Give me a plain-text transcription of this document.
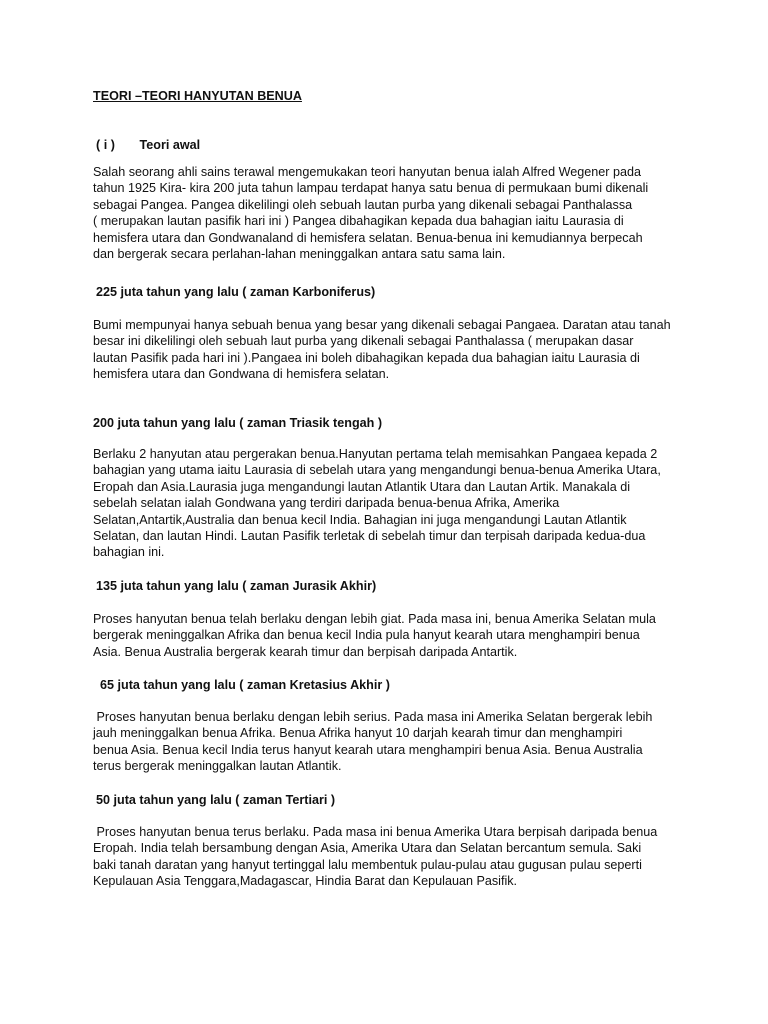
TEORI –TEORI HANYUTAN BENUA
( i ) Teori awal
Salah seorang ahli sains terawal mengemukakan teori hanyutan benua ialah Alfred Wegener pada
tahun 1925 Kira- kira 200 juta tahun lampau terdapat hanya satu benua di permukaan bumi dikenali
sebagai Pangea. Pangea dikelilingi oleh sebuah lautan purba yang dikenali sebagai Panthalassa
( merupakan lautan pasifik hari ini ) Pangea dibahagikan kepada dua bahagian iaitu Laurasia di
hemisfera utara dan Gondwanaland di hemisfera selatan. Benua-benua ini kemudiannya berpecah
dan bergerak secara perlahan-lahan meninggalkan antara satu sama lain.
225 juta tahun yang lalu ( zaman Karboniferus)
Bumi mempunyai hanya sebuah benua yang besar yang dikenali sebagai Pangaea. Daratan atau tanah
besar ini dikelilingi oleh sebuah laut purba yang dikenali sebagai Panthalassa ( merupakan dasar
lautan Pasifik pada hari ini ).Pangaea ini boleh dibahagikan kepada dua bahagian iaitu Laurasia di
hemisfera utara dan Gondwana di hemisfera selatan.
200 juta tahun yang lalu ( zaman Triasik tengah )
Berlaku 2 hanyutan atau pergerakan benua.Hanyutan pertama telah memisahkan Pangaea kepada 2
bahagian yang utama iaitu Laurasia di sebelah utara yang mengandungi benua-benua Amerika Utara,
Eropah dan Asia.Laurasia juga mengandungi lautan Atlantik Utara dan Lautan Artik. Manakala di
sebelah selatan ialah Gondwana yang terdiri daripada benua-benua Afrika, Amerika
Selatan,Antartik,Australia dan benua kecil India. Bahagian ini juga mengandungi Lautan Atlantik
Selatan, dan lautan Hindi. Lautan Pasifik terletak di sebelah timur dan terpisah daripada kedua-dua
bahagian ini.
135 juta tahun yang lalu ( zaman Jurasik Akhir)
Proses hanyutan benua telah berlaku dengan lebih giat. Pada masa ini, benua Amerika Selatan mula
bergerak meninggalkan Afrika dan benua kecil India pula hanyut kearah utara menghampiri benua
Asia. Benua Australia bergerak kearah timur dan berpisah daripada Antartik.
65 juta tahun yang lalu ( zaman Kretasius Akhir )
Proses hanyutan benua berlaku dengan lebih serius. Pada masa ini Amerika Selatan bergerak lebih
jauh meninggalkan benua Afrika. Benua Afrika hanyut 10 darjah kearah timur dan menghampiri
benua Asia. Benua kecil India terus hanyut kearah utara menghampiri benua Asia. Benua Australia
terus bergerak meninggalkan lautan Atlantik.
50 juta tahun yang lalu ( zaman Tertiari )
Proses hanyutan benua terus berlaku. Pada masa ini benua Amerika Utara berpisah daripada benua
Eropah. India telah bersambung dengan Asia, Amerika Utara dan Selatan bercantum semula. Saki
baki tanah daratan yang hanyut tertinggal lalu membentuk pulau-pulau atau gugusan pulau seperti
Kepulauan Asia Tenggara,Madagascar, Hindia Barat dan Kepulauan Pasifik.
